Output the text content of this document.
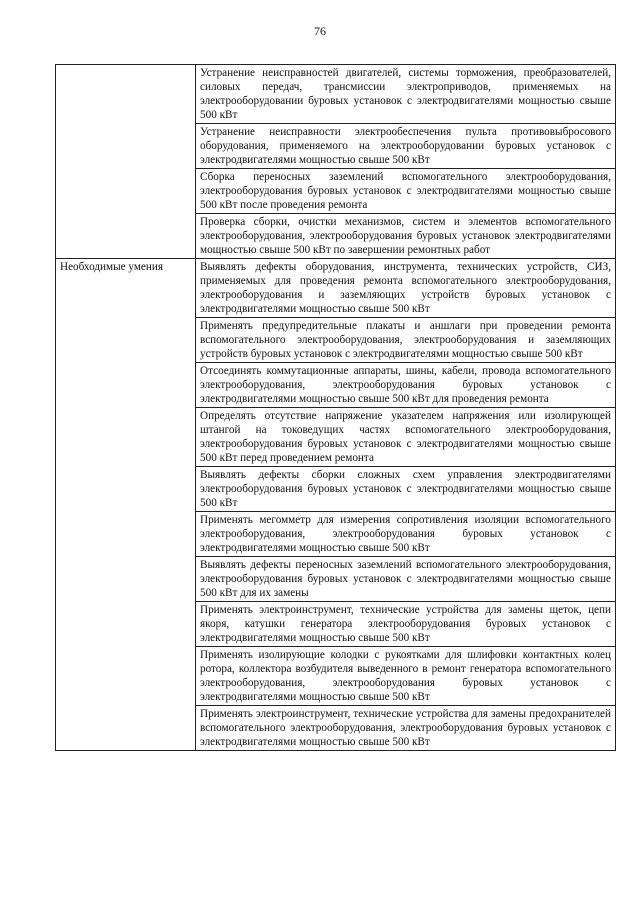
76
	Устранение неисправностей двигателей, системы торможения, преобразователей, силовых передач, трансмиссии электроприводов, применяемых на электрооборудовании буровых установок с электродвигателями мощностью свыше 500 кВт
	Устранение неисправности электрообеспечения пульта противовыбросового оборудования, применяемого на электрооборудовании буровых установок с электродвигателями мощностью свыше 500 кВт
	Сборка переносных заземлений вспомогательного электрооборудования, электрооборудования буровых установок с электродвигателями мощностью свыше 500 кВт после проведения ремонта
	Проверка сборки, очистки механизмов, систем и элементов вспомогательного электрооборудования, электрооборудования буровых установок электродвигателями мощностью свыше 500 кВт по завершении ремонтных работ
Необходимые умения	Выявлять дефекты оборудования, инструмента, технических устройств, СИЗ, применяемых для проведения ремонта вспомогательного электрооборудования, электрооборудования и заземляющих устройств буровых установок с электродвигателями мощностью свыше 500 кВт
	Применять предупредительные плакаты и аншлаги при проведении ремонта вспомогательного электрооборудования, электрооборудования и заземляющих устройств буровых установок с электродвигателями мощностью свыше 500 кВт
	Отсоединять коммутационные аппараты, шины, кабели, провода вспомогательного электрооборудования, электрооборудования буровых установок с электродвигателями мощностью свыше 500 кВт для проведения ремонта
	Определять отсутствие напряжение указателем напряжения или изолирующей штангой на токоведущих частях вспомогательного электрооборудования, электрооборудования буровых установок с электродвигателями мощностью свыше 500 кВт перед проведением ремонта
	Выявлять дефекты сборки сложных схем управления электродвигателями электрооборудования буровых установок с электродвигателями мощностью свыше 500 кВт
	Применять мегомметр для измерения сопротивления изоляции вспомогательного электрооборудования, электрооборудования буровых установок с электродвигателями мощностью свыше 500 кВт
	Выявлять дефекты переносных заземлений вспомогательного электрооборудования, электрооборудования буровых установок с электродвигателями мощностью свыше 500 кВт для их замены
	Применять электроинструмент, технические устройства для замены щеток, цепи якоря, катушки генератора электрооборудования буровых установок с электродвигателями мощностью свыше 500 кВт
	Применять изолирующие колодки с рукоятками для шлифовки контактных колец ротора, коллектора возбудителя выведенного в ремонт генератора вспомогательного электрооборудования, электрооборудования буровых установок с электродвигателями мощностью свыше 500 кВт
	Применять электроинструмент, технические устройства для замены предохранителей вспомогательного электрооборудования, электрооборудования буровых установок с электродвигателями мощностью свыше 500 кВт
